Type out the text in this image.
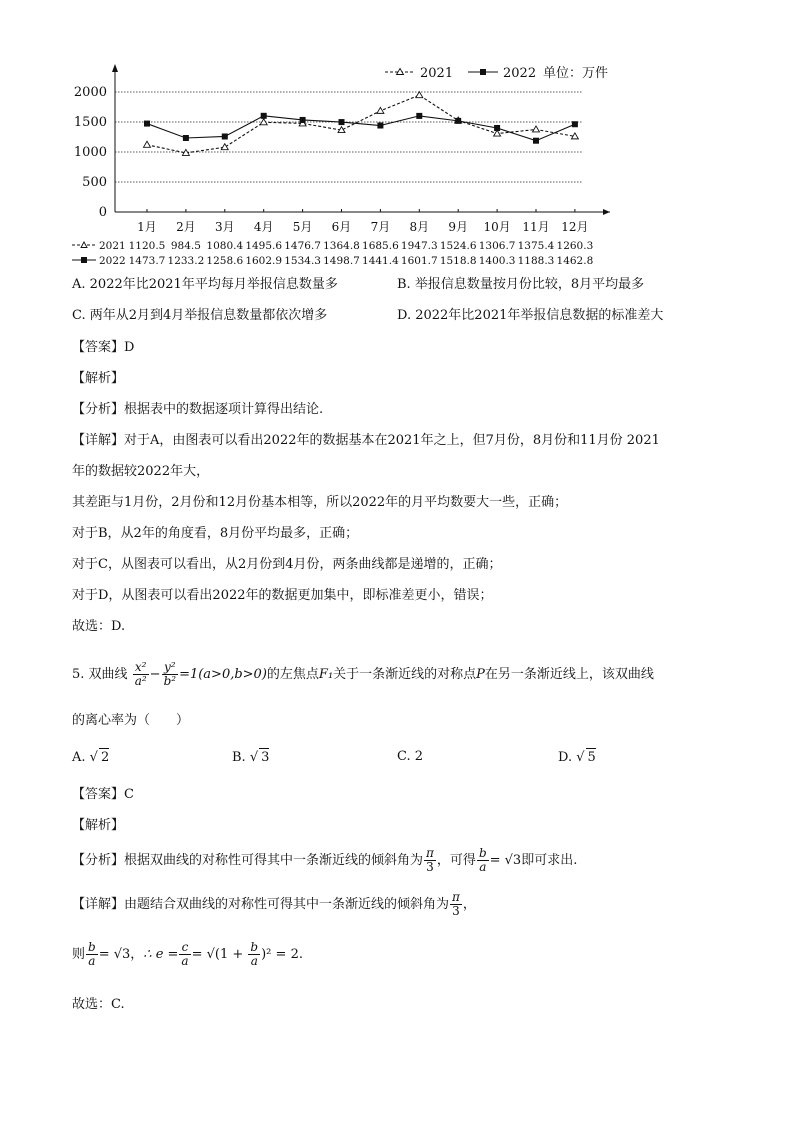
0
500
1000
1500
2000
1月 2月 3月 4月 5月 6月 7月 8月 9月 10月 11月 12月
2021	2022 单位：万件
2021 1120.5 984.5 1080.4 1495.6 1476.7 1364.8 1685.6 1947.3 1524.6 1306.7 1375.4 1260.3
2022 1473.7 1233.2 1258.6 1602.9 1534.3 1498.7 1441.4 1601.7 1518.8 1400.3 1188.3 1462.8
A. 2022年比2021年平均每月举报信息数量多	B. 举报信息数量按月份比较，8月平均最多
C. 两年从2月到4月举报信息数量都依次增多	D. 2022年比2021年举报信息数据的标准差大
【答案】D
【解析】
【分析】根据表中的数据逐项计算得出结论.
【详解】对于A，由图表可以看出2022年的数据基本在2021年之上，但7月份，8月份和11月份 2021
年的数据较2022年大，
其差距与1月份，2月份和12月份基本相等，所以2022年的月平均数要大一些，正确；
对于B，从2年的角度看，8月份平均最多，正确；
对于C，从图表可以看出，从2月份到4月份，两条曲线都是递增的，正确；
对于D，从图表可以看出2022年的数据更加集中，即标准差更小，错误；
故选：D.
5. 双曲线 $\frac{\text{x²}}{\text{a²}} - \frac{\text{y²}}{\text{b²}} =1(a>0,b>0)$的左焦点F₁关于一条渐近线的对称点P在另一条渐近线上，该双曲线
的离心率为（　　）
A. √ 2	B. √ 3	C. 2	D. √ 5
【答案】C
【解析】
【分析】根据双曲线的对称性可得其中一条渐近线的倾斜角为 $\frac{\pi}{3}$ ，可得 $\frac{b}{a} = √3$即可求出.
【详解】由题结合双曲线的对称性可得其中一条渐近线的倾斜角为 $\frac{\pi}{3}$ ，
则 $\frac{b}{a} = √3$，∴ $e = \frac{c}{a} = √(1 + \frac{b}{a} )^2 = 2$.
故选：C.
